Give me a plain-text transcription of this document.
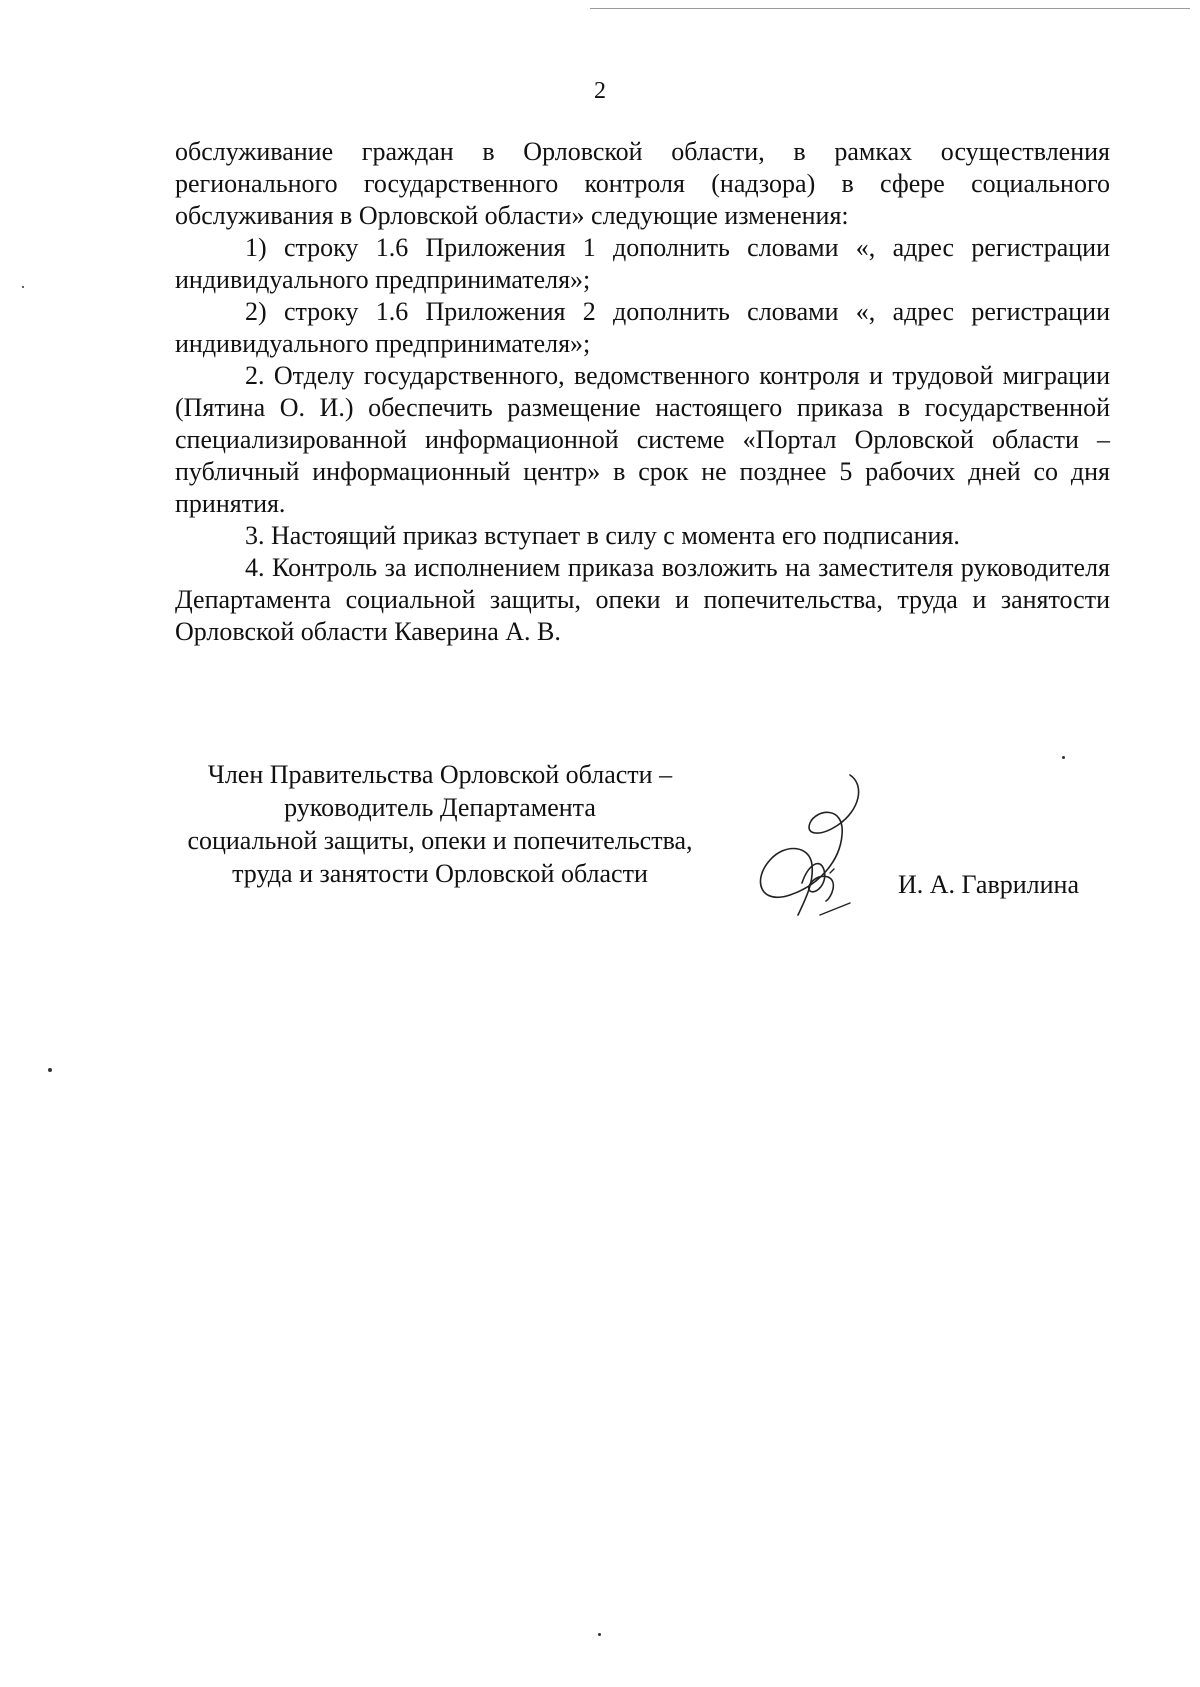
2

обслуживание граждан в Орловской области, в рамках осуществления регионального государственного контроля (надзора) в сфере социального обслуживания в Орловской области» следующие изменения:

1) строку 1.6 Приложения 1 дополнить словами «, адрес регистрации индивидуального предпринимателя»;

2) строку 1.6 Приложения 2 дополнить словами «, адрес регистрации индивидуального предпринимателя»;

2. Отделу государственного, ведомственного контроля и трудовой миграции (Пятина О. И.) обеспечить размещение настоящего приказа в государственной специализированной информационной системе «Портал Орловской области – публичный информационный центр» в срок не позднее 5 рабочих дней со дня принятия.

3. Настоящий приказ вступает в силу с момента его подписания.

4. Контроль за исполнением приказа возложить на заместителя руководителя Департамента социальной защиты, опеки и попечительства, труда и занятости Орловской области Каверина А. В.

Член Правительства Орловской области –
руководитель Департамента
социальной защиты, опеки и попечительства,
труда и занятости Орловской области	И. А. Гаврилина
